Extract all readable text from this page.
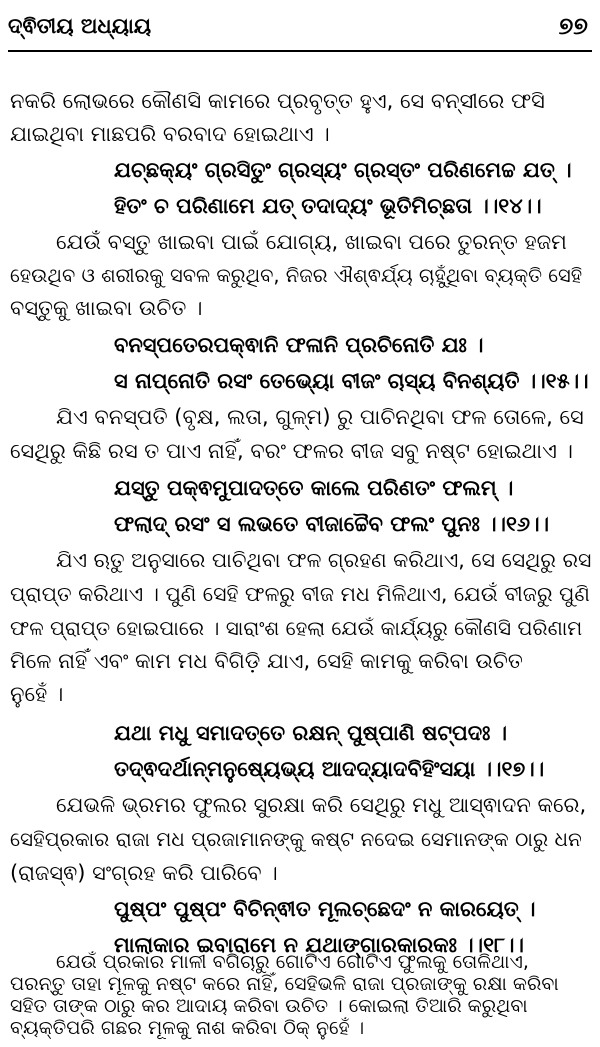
ଦ୍ଵିତୀୟ ଅଧ୍ୟାୟ	୭୭
ନକରି ଲୋଭରେ କୌଣସି କାମରେ ପ୍ରବୃତ୍ତ ହୁଏ, ସେ ବନ୍ସୀରେ ଫସି
ଯାଇଥିବା ମାଛପରି ବରବାଦ ହୋଇଥାଏ ।
ଯଚ୍ଛକ୍ୟଂ ଗ୍ରସିତୁଂ ଗ୍ରସ୍ୟଂ ଗ୍ରସ୍ତଂ ପରିଣମେଚ୍ଚ ଯତ୍ ।
ହିତଂ ଚ ପରିଣାମେ ଯତ୍ ତଦାଦ୍ୟଂ ଭୂତିମିଚ୍ଛତା ।।୧୪।।
ଯେଉଁ ବସ୍ତୁ ଖାଇବା ପାଇଁ ଯୋଗ୍ୟ, ଖାଇବା ପରେ ତୁରନ୍ତ ହଜମ
ହେଉଥିବ ଓ ଶରୀରକୁ ସବଳ କରୁଥିବ, ନିଜର ଐଶ୍ଵର୍ଯ୍ୟ ଚାହୁଁଥିବା ବ୍ୟକ୍ତି ସେହି
ବସ୍ତୁକୁ ଖାଇବା ଉଚିତ ।
ବନସ୍ପତେରପକ୍ଵାନି ଫଳାନି ପ୍ରଚିନୋତି ଯଃ ।
ସ ନାପ୍ନୋତି ରସଂ ତେଭ୍ୟୋ ବୀଜଂ ଚାସ୍ୟ ବିନଶ୍ୟତି ।।୧୫।।
ଯିଏ ବନସ୍ପତି (ବୃକ୍ଷ, ଲତା, ଗୁଳ୍ମ) ରୁ ପାଚିନଥିବା ଫଳ ତୋଳେ, ସେ
ସେଥିରୁ କିଛି ରସ ତ ପାଏ ନାହିଁ, ବରଂ ଫଳର ବୀଜ ସବୁ ନଷ୍ଟ ହୋଇଥାଏ ।
ଯସ୍ତୁ ପକ୍ଵମୁପାଦତ୍ତେ କାଲେ ପରିଣତଂ ଫଲମ୍ ।
ଫଲାଦ୍ ରସଂ ସ ଲଭତେ ବୀଜାଚ୍ଚୈବ ଫଲଂ ପୁନଃ ।।୧୬।।
ଯିଏ ଋତୁ ଅନୁସାରେ ପାଚିଥିବା ଫଳ ଗ୍ରହଣ କରିଥାଏ, ସେ ସେଥିରୁ ରସ
ପ୍ରାପ୍ତ କରିଥାଏ । ପୁଣି ସେହି ଫଳରୁ ବୀଜ ମଧ ମିଳିଥାଏ, ଯେଉଁ ବୀଜରୁ ପୁଣି
ଫଳ ପ୍ରାପ୍ତ ହୋଇପାରେ । ସାରାଂଶ ହେଲା ଯେଉଁ କାର୍ଯ୍ୟରୁ କୌଣସି ପରିଣାମ
ମିଳେ ନାହିଁ ଏବଂ କାମ ମଧ ବିଗିଡ଼ି ଯାଏ, ସେହି କାମକୁ କରିବା ଉଚିତ
ନୁହେଁ ।
ଯଥା ମଧୁ ସମାଦତ୍ତେ ରକ୍ଷନ୍ ପୁଷ୍ପାଣି ଷଟ୍ପଦଃ ।
ତଦ୍ଵଦର୍ଥାନ୍ମନୁଷ୍ୟେଭ୍ୟ ଆଦଦ୍ୟାଦବିହିଂସୟା ।।୧୭।।
ଯେଭଳି ଭ୍ରମର ଫୁଲର ସୁରକ୍ଷା କରି ସେଥିରୁ ମଧୁ ଆସ୍ଵାଦନ କରେ,
ସେହିପ୍ରକାର ରାଜା ମଧ ପ୍ରଜାମାନଙ୍କୁ କଷ୍ଟ ନଦେଇ ସେମାନଙ୍କ ଠାରୁ ଧନ
(ରାଜସ୍ଵ) ସଂଗ୍ରହ କରି ପାରିବେ ।
ପୁଷ୍ପଂ ପୁଷ୍ପଂ ବିଚିନ୍ଵୀତ ମୂଲଚ୍ଛେଦଂ ନ କାରୟେତ୍ ।
ମାଲାକାର ଇବାରାମେ ନ ଯଥାଙ୍ଗାରକାରକଃ ।।୧୮।।
ଯେଉଁ ପ୍ରକାର ମାଳୀ ବଗିଚାରୁ ଗୋଟିଏ ଗୋଟିଏ ଫୁଲକୁ ତୋଳିଥାଏ,
ପରନ୍ତୁ ତାହା ମୂଳକୁ ନଷ୍ଟ କରେ ନାହିଁ, ସେହିଭଳି ରାଜା ପ୍ରଜାଙ୍କୁ ରକ୍ଷା କରିବା
ସହିତ ତାଙ୍କ ଠାରୁ କର ଆଦାୟ କରିବା ଉଚିତ । କୋଇଲା ତିଆରି କରୁଥିବା
ବ୍ୟକ୍ତିପରି ଗଛର ମୂଳକୁ ନାଶ କରିବା ଠିକ୍ ନୁହେଁ ।
